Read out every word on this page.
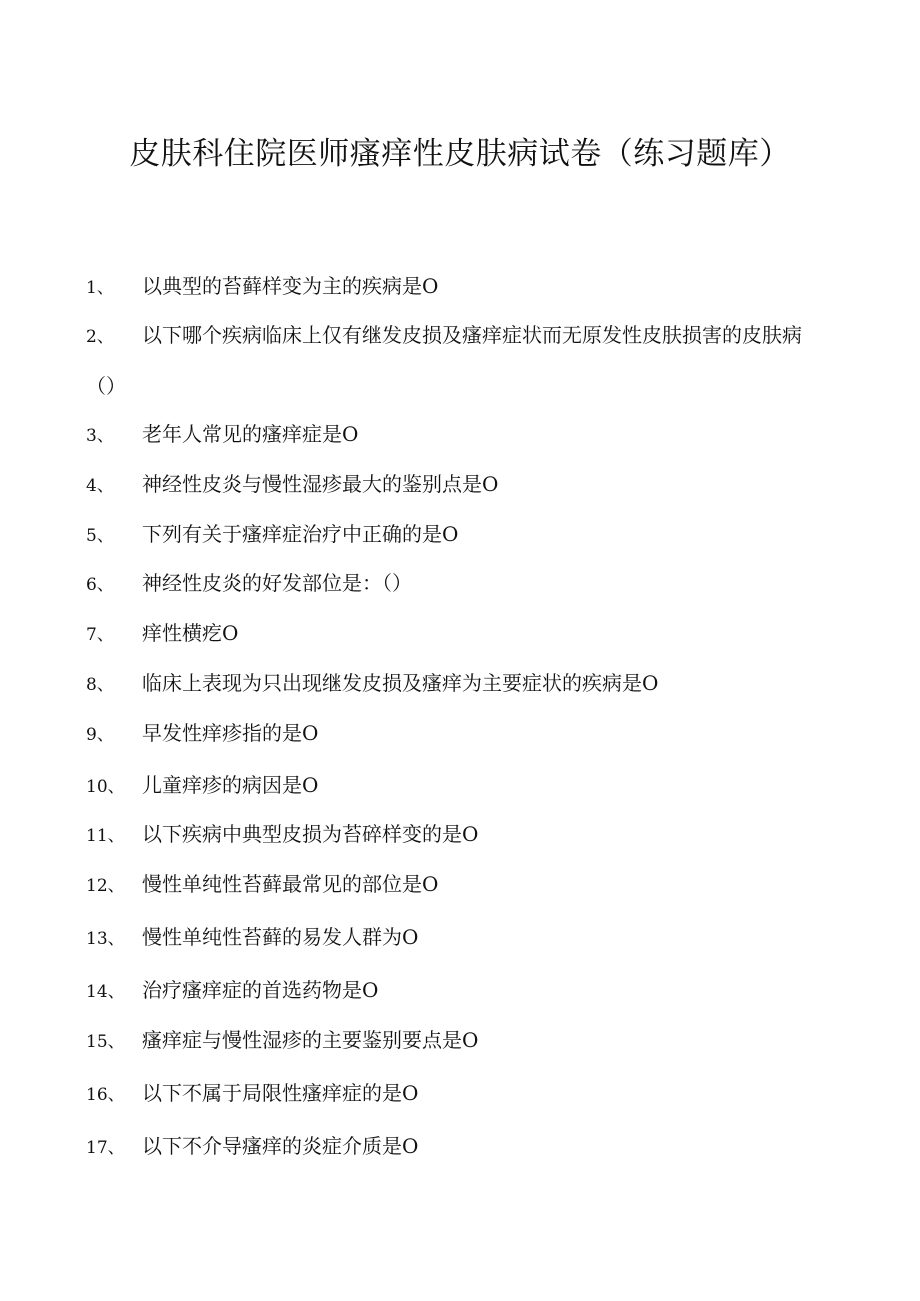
皮肤科住院医师瘙痒性皮肤病试卷（练习题库）
1、 以典型的苔藓样变为主的疾病是O
2、 以下哪个疾病临床上仅有继发皮损及瘙痒症状而无原发性皮肤损害的皮肤病（）
3、 老年人常见的瘙痒症是O
4、 神经性皮炎与慢性湿疹最大的鉴别点是O
5、 下列有关于瘙痒症治疗中正确的是O
6、 神经性皮炎的好发部位是：（）
7、 痒性横疙O
8、 临床上表现为只出现继发皮损及瘙痒为主要症状的疾病是O
9、 早发性痒疹指的是O
10、 儿童痒疹的病因是O
11、 以下疾病中典型皮损为苔碎样变的是O
12、 慢性单纯性苔藓最常见的部位是O
13、 慢性单纯性苔藓的易发人群为O
14、 治疗瘙痒症的首选药物是O
15、 瘙痒症与慢性湿疹的主要鉴别要点是O
16、 以下不属于局限性瘙痒症的是O
17、 以下不介导瘙痒的炎症介质是O
